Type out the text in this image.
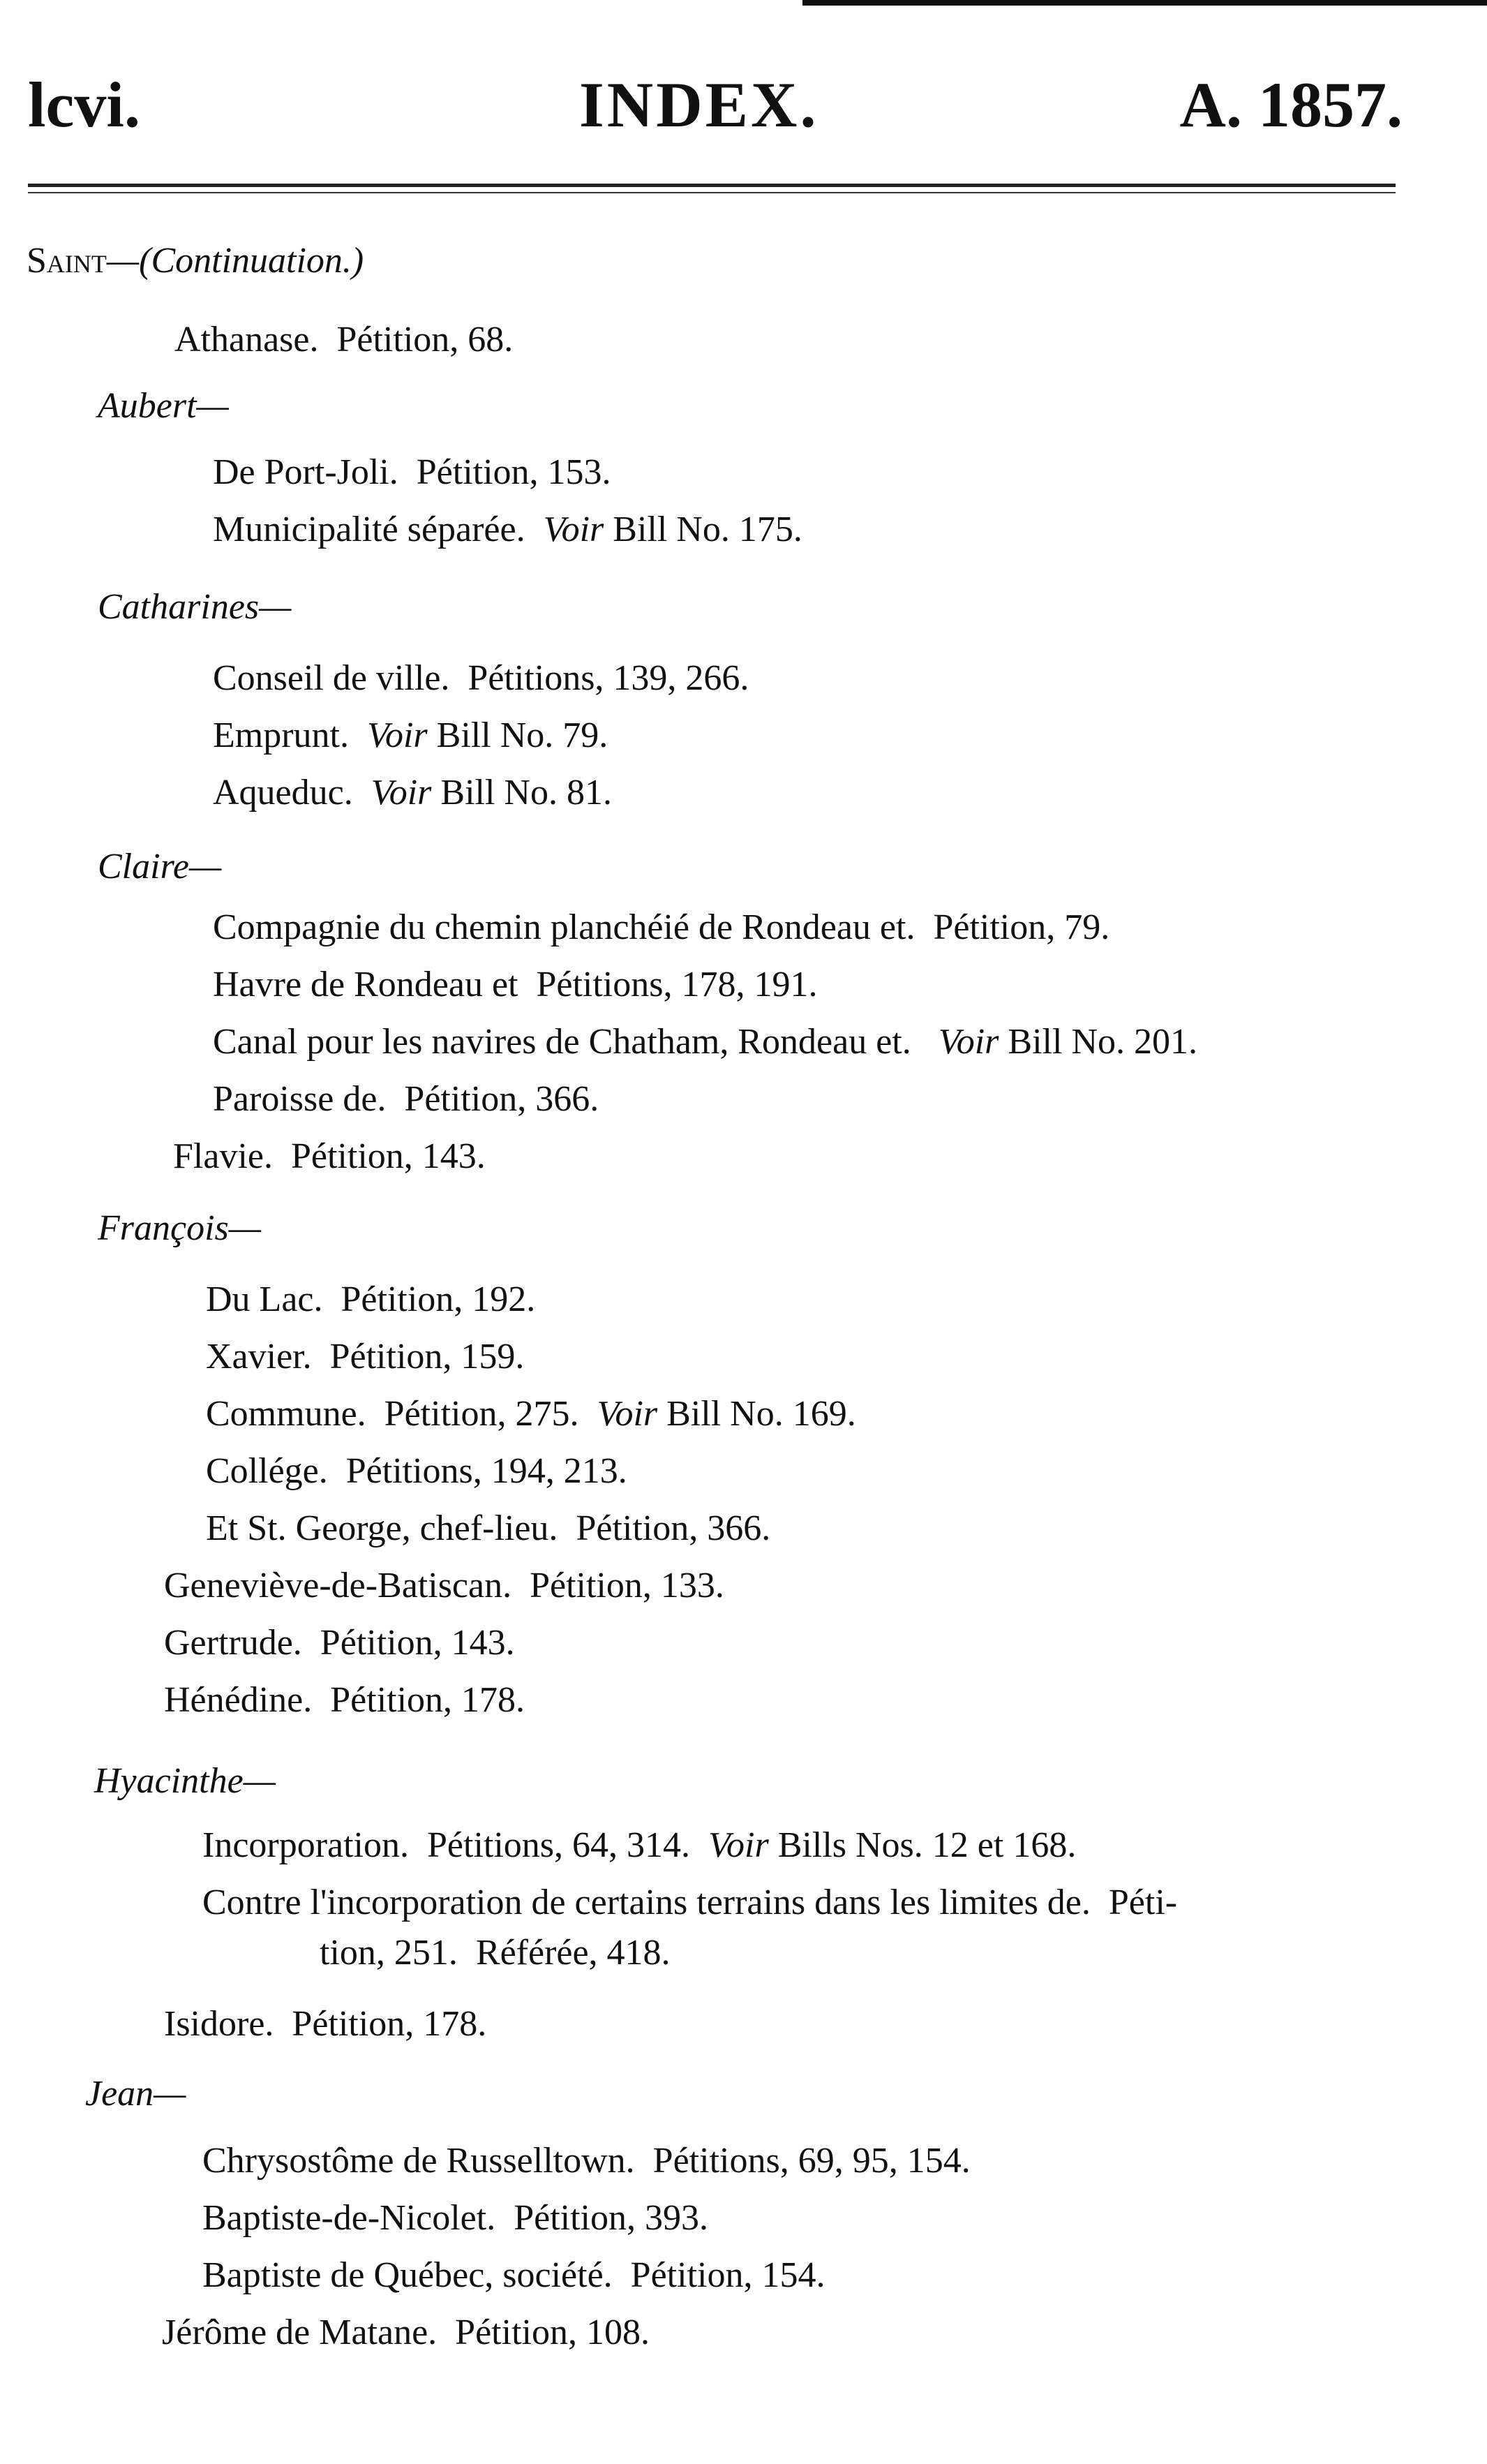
lcvi.	INDEX.	A. 1857.
Saint—(Continuation.)
Athanase. Pétition, 68.
Aubert—
De Port-Joli. Pétition, 153.
Municipalité séparée. Voir Bill No. 175.
Catharines—
Conseil de ville. Pétitions, 139, 266.
Emprunt. Voir Bill No. 79.
Aqueduc. Voir Bill No. 81.
Claire—
Compagnie du chemin planchéié de Rondeau et. Pétition, 79.
Havre de Rondeau et Pétitions, 178, 191.
Canal pour les navires de Chatham, Rondeau et. Voir Bill No. 201.
Paroisse de. Pétition, 366.
Flavie. Pétition, 143.
François—
Du Lac. Pétition, 192.
Xavier. Pétition, 159.
Commune. Pétition, 275. Voir Bill No. 169.
Collége. Pétitions, 194, 213.
Et St. George, chef-lieu. Pétition, 366.
Geneviève-de-Batiscan. Pétition, 133.
Gertrude. Pétition, 143.
Hénédine. Pétition, 178.
Hyacinthe—
Incorporation. Pétitions, 64, 314. Voir Bills Nos. 12 et 168.
Contre l'incorporation de certains terrains dans les limites de. Péti-
tion, 251. Référée, 418.
Isidore. Pétition, 178.
Jean—
Chrysostôme de Russelltown. Pétitions, 69, 95, 154.
Baptiste-de-Nicolet. Pétition, 393.
Baptiste de Québec, société. Pétition, 154.
Jérôme de Matane. Pétition, 108.
